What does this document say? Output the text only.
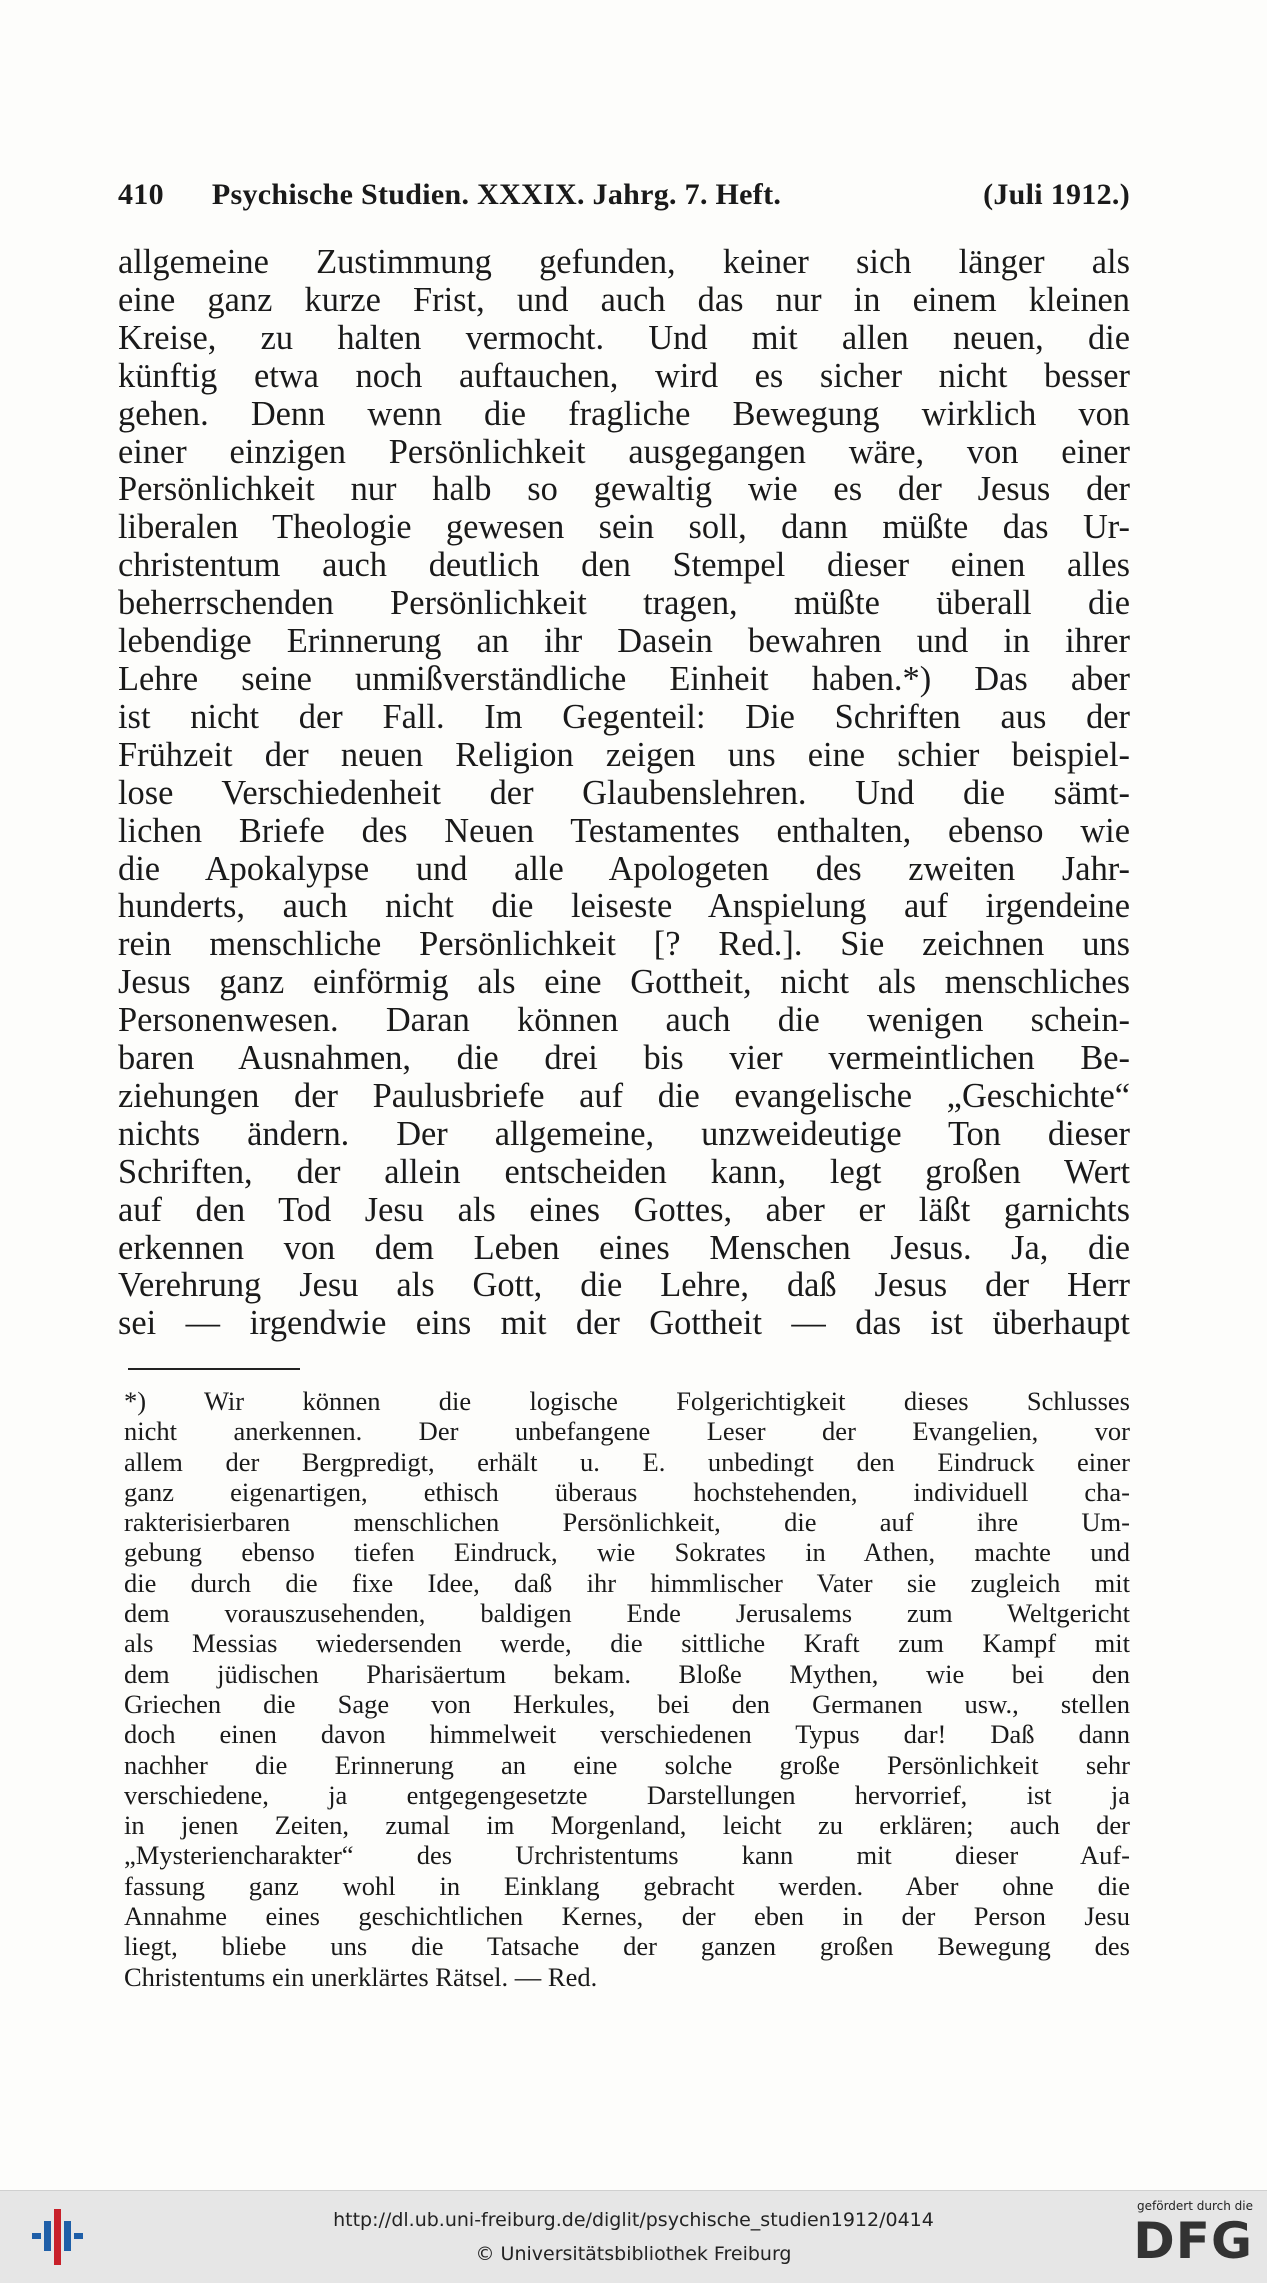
410	Psychische Studien. XXXIX. Jahrg. 7. Heft.	(Juli 1912.)
allgemeine Zustimmung gefunden, keiner sich länger als
eine ganz kurze Frist, und auch das nur in einem kleinen
Kreise, zu halten vermocht. Und mit allen neuen, die
künftig etwa noch auftauchen, wird es sicher nicht besser
gehen. Denn wenn die fragliche Bewegung wirklich von
einer einzigen Persönlichkeit ausgegangen wäre, von einer
Persönlichkeit nur halb so gewaltig wie es der Jesus der
liberalen Theologie gewesen sein soll, dann müßte das Ur-
christentum auch deutlich den Stempel dieser einen alles
beherrschenden Persönlichkeit tragen, müßte überall die
lebendige Erinnerung an ihr Dasein bewahren und in ihrer
Lehre seine unmißverständliche Einheit haben.*) Das aber
ist nicht der Fall. Im Gegenteil: Die Schriften aus der
Frühzeit der neuen Religion zeigen uns eine schier beispiel-
lose Verschiedenheit der Glaubenslehren. Und die sämt-
lichen Briefe des Neuen Testamentes enthalten, ebenso wie
die Apokalypse und alle Apologeten des zweiten Jahr-
hunderts, auch nicht die leiseste Anspielung auf irgendeine
rein menschliche Persönlichkeit [? Red.]. Sie zeichnen uns
Jesus ganz einförmig als eine Gottheit, nicht als menschliches
Personenwesen. Daran können auch die wenigen schein-
baren Ausnahmen, die drei bis vier vermeintlichen Be-
ziehungen der Paulusbriefe auf die evangelische „Geschichte“
nichts ändern. Der allgemeine, unzweideutige Ton dieser
Schriften, der allein entscheiden kann, legt großen Wert
auf den Tod Jesu als eines Gottes, aber er läßt garnichts
erkennen von dem Leben eines Menschen Jesus. Ja, die
Verehrung Jesu als Gott, die Lehre, daß Jesus der Herr
sei — irgendwie eins mit der Gottheit — das ist überhaupt
*) Wir können die logische Folgerichtigkeit dieses Schlusses
nicht anerkennen. Der unbefangene Leser der Evangelien, vor
allem der Bergpredigt, erhält u. E. unbedingt den Eindruck einer
ganz eigenartigen, ethisch überaus hochstehenden, individuell cha-
rakterisierbaren menschlichen Persönlichkeit, die auf ihre Um-
gebung ebenso tiefen Eindruck, wie Sokrates in Athen, machte und
die durch die fixe Idee, daß ihr himmlischer Vater sie zugleich mit
dem vorauszusehenden, baldigen Ende Jerusalems zum Weltgericht
als Messias wiedersenden werde, die sittliche Kraft zum Kampf mit
dem jüdischen Pharisäertum bekam. Bloße Mythen, wie bei den
Griechen die Sage von Herkules, bei den Germanen usw., stellen
doch einen davon himmelweit verschiedenen Typus dar! Daß dann
nachher die Erinnerung an eine solche große Persönlichkeit sehr
verschiedene, ja entgegengesetzte Darstellungen hervorrief, ist ja
in jenen Zeiten, zumal im Morgenland, leicht zu erklären; auch der
„Mysteriencharakter“ des Urchristentums kann mit dieser Auf-
fassung ganz wohl in Einklang gebracht werden. Aber ohne die
Annahme eines geschichtlichen Kernes, der eben in der Person Jesu
liegt, bliebe uns die Tatsache der ganzen großen Bewegung des
Christentums ein unerklärtes Rätsel. — Red.
http://dl.ub.uni-freiburg.de/diglit/psychische_studien1912/0414
© Universitätsbibliothek Freiburg
gefördert durch die
DFG
